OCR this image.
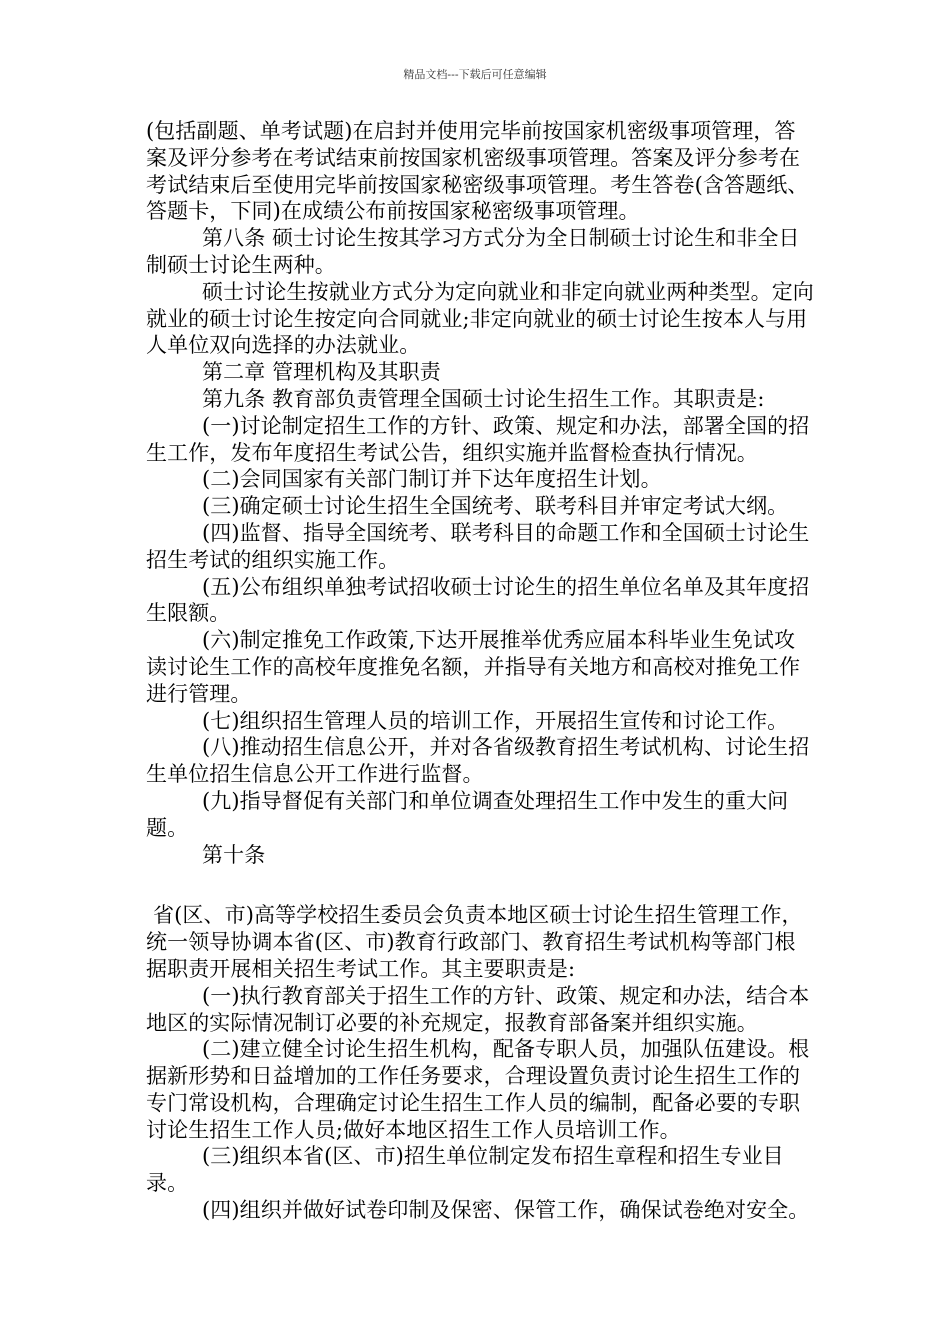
精品文档---下载后可任意编辑

(包括副题、单考试题)在启封并使用完毕前按国家机密级事项管理，答案及评分参考在考试结束前按国家机密级事项管理。答案及评分参考在考试结束后至使用完毕前按国家秘密级事项管理。考生答卷(含答题纸、答题卡，下同)在成绩公布前按国家秘密级事项管理。

第八条 硕士讨论生按其学习方式分为全日制硕士讨论生和非全日制硕士讨论生两种。

硕士讨论生按就业方式分为定向就业和非定向就业两种类型。定向就业的硕士讨论生按定向合同就业;非定向就业的硕士讨论生按本人与用人单位双向选择的办法就业。

第二章 管理机构及其职责

第九条 教育部负责管理全国硕士讨论生招生工作。其职责是:

(一)讨论制定招生工作的方针、政策、规定和办法，部署全国的招生工作，发布年度招生考试公告，组织实施并监督检查执行情况。

(二)会同国家有关部门制订并下达年度招生计划。

(三)确定硕士讨论生招生全国统考、联考科目并审定考试大纲。

(四)监督、指导全国统考、联考科目的命题工作和全国硕士讨论生招生考试的组织实施工作。

(五)公布组织单独考试招收硕士讨论生的招生单位名单及其年度招生限额。

(六)制定推免工作政策,下达开展推举优秀应届本科毕业生免试攻读讨论生工作的高校年度推免名额，并指导有关地方和高校对推免工作进行管理。

(七)组织招生管理人员的培训工作，开展招生宣传和讨论工作。

(八)推动招生信息公开，并对各省级教育招生考试机构、讨论生招生单位招生信息公开工作进行监督。

(九)指导督促有关部门和单位调查处理招生工作中发生的重大问题。

第十条

省(区、市)高等学校招生委员会负责本地区硕士讨论生招生管理工作，统一领导协调本省(区、市)教育行政部门、教育招生考试机构等部门根据职责开展相关招生考试工作。其主要职责是:

(一)执行教育部关于招生工作的方针、政策、规定和办法，结合本地区的实际情况制订必要的补充规定，报教育部备案并组织实施。

(二)建立健全讨论生招生机构，配备专职人员，加强队伍建设。根据新形势和日益增加的工作任务要求，合理设置负责讨论生招生工作的专门常设机构，合理确定讨论生招生工作人员的编制，配备必要的专职讨论生招生工作人员;做好本地区招生工作人员培训工作。

(三)组织本省(区、市)招生单位制定发布招生章程和招生专业目录。

(四)组织并做好试卷印制及保密、保管工作，确保试卷绝对安全。
